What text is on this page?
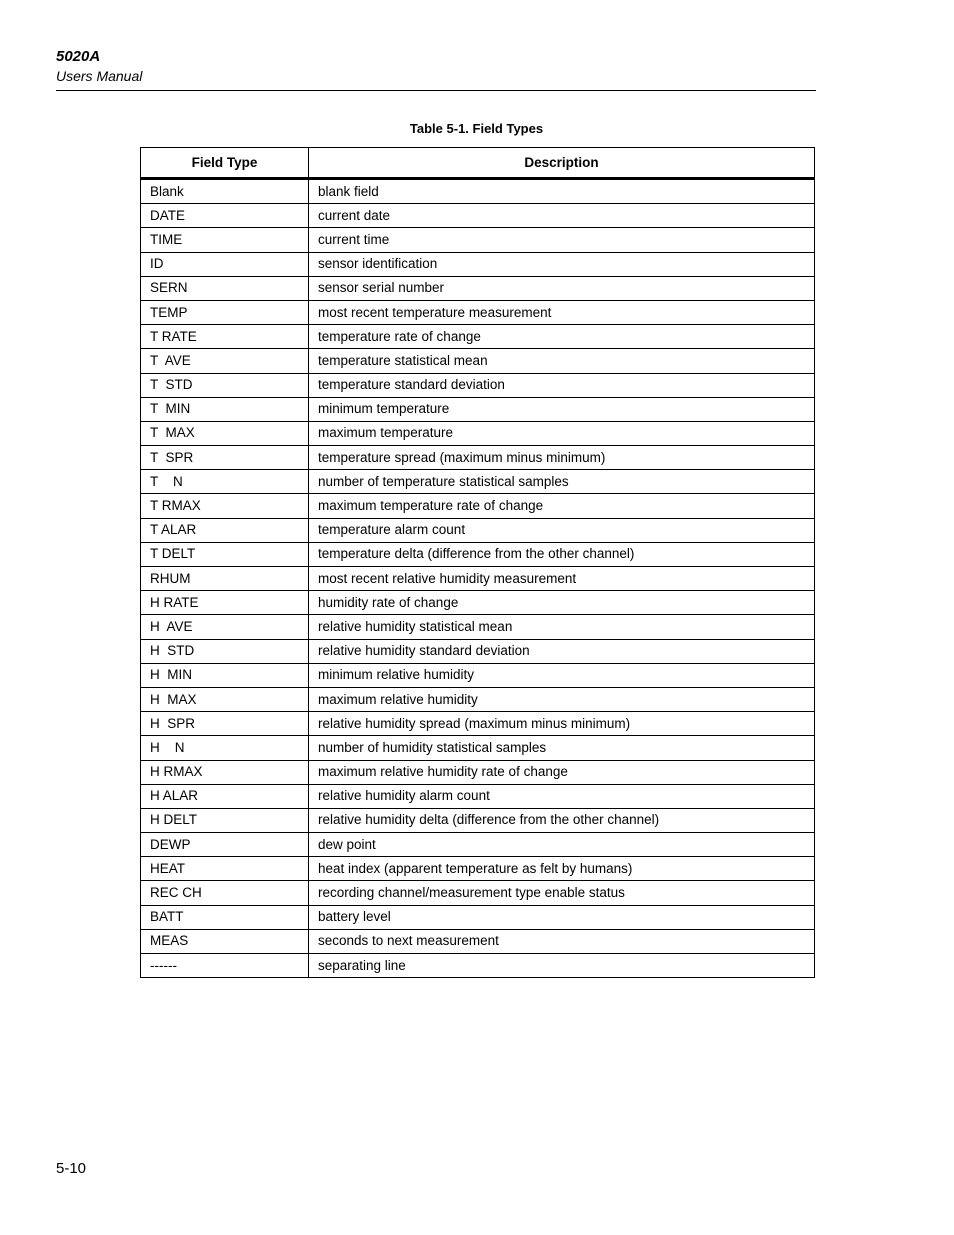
5020A
Users Manual
Table 5-1. Field Types
Field Type	Description
Blank	blank field
DATE	current date
TIME	current time
ID	sensor identification
SERN	sensor serial number
TEMP	most recent temperature measurement
T RATE	temperature rate of change
T  AVE	temperature statistical mean
T  STD	temperature standard deviation
T  MIN	minimum temperature
T  MAX	maximum temperature
T  SPR	temperature spread (maximum minus minimum)
T    N	number of temperature statistical samples
T RMAX	maximum temperature rate of change
T ALAR	temperature alarm count
T DELT	temperature delta (difference from the other channel)
RHUM	most recent relative humidity measurement
H RATE	humidity rate of change
H  AVE	relative humidity statistical mean
H  STD	relative humidity standard deviation
H  MIN	minimum relative humidity
H  MAX	maximum relative humidity
H  SPR	relative humidity spread (maximum minus minimum)
H    N	number of humidity statistical samples
H RMAX	maximum relative humidity rate of change
H ALAR	relative humidity alarm count
H DELT	relative humidity delta (difference from the other channel)
DEWP	dew point
HEAT	heat index (apparent temperature as felt by humans)
REC CH	recording channel/measurement type enable status
BATT	battery level
MEAS	seconds to next measurement
------	separating line
5-10
